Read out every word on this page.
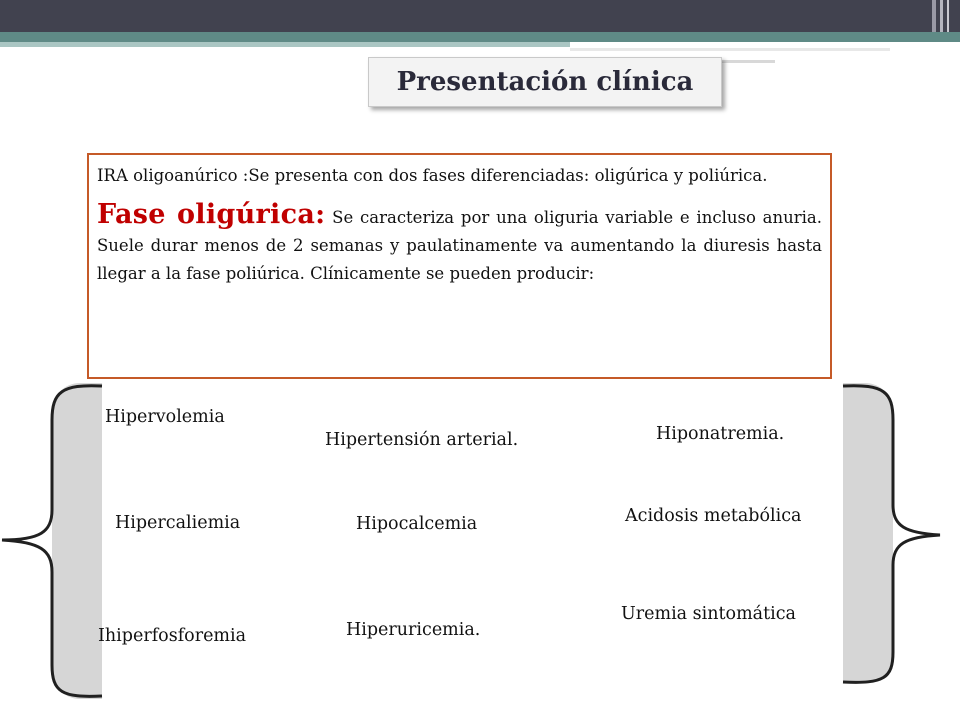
Presentación clínica

IRA oligoanúrico :Se presenta con dos fases diferenciadas: oligúrica y poliúrica.

Fase oligúrica: Se caracteriza por una oliguria variable e incluso anuria. Suele durar menos de 2 semanas y paulatinamente va aumentando la diuresis hasta llegar a la fase poliúrica. Clínicamente se pueden producir:

Hipervolemia
Hipercaliemia
Ihiperfosforemia
Hipertensión arterial.
Hipocalcemia
Hiperuricemia.
Hiponatremia.
Acidosis metabólica
Uremia sintomática
